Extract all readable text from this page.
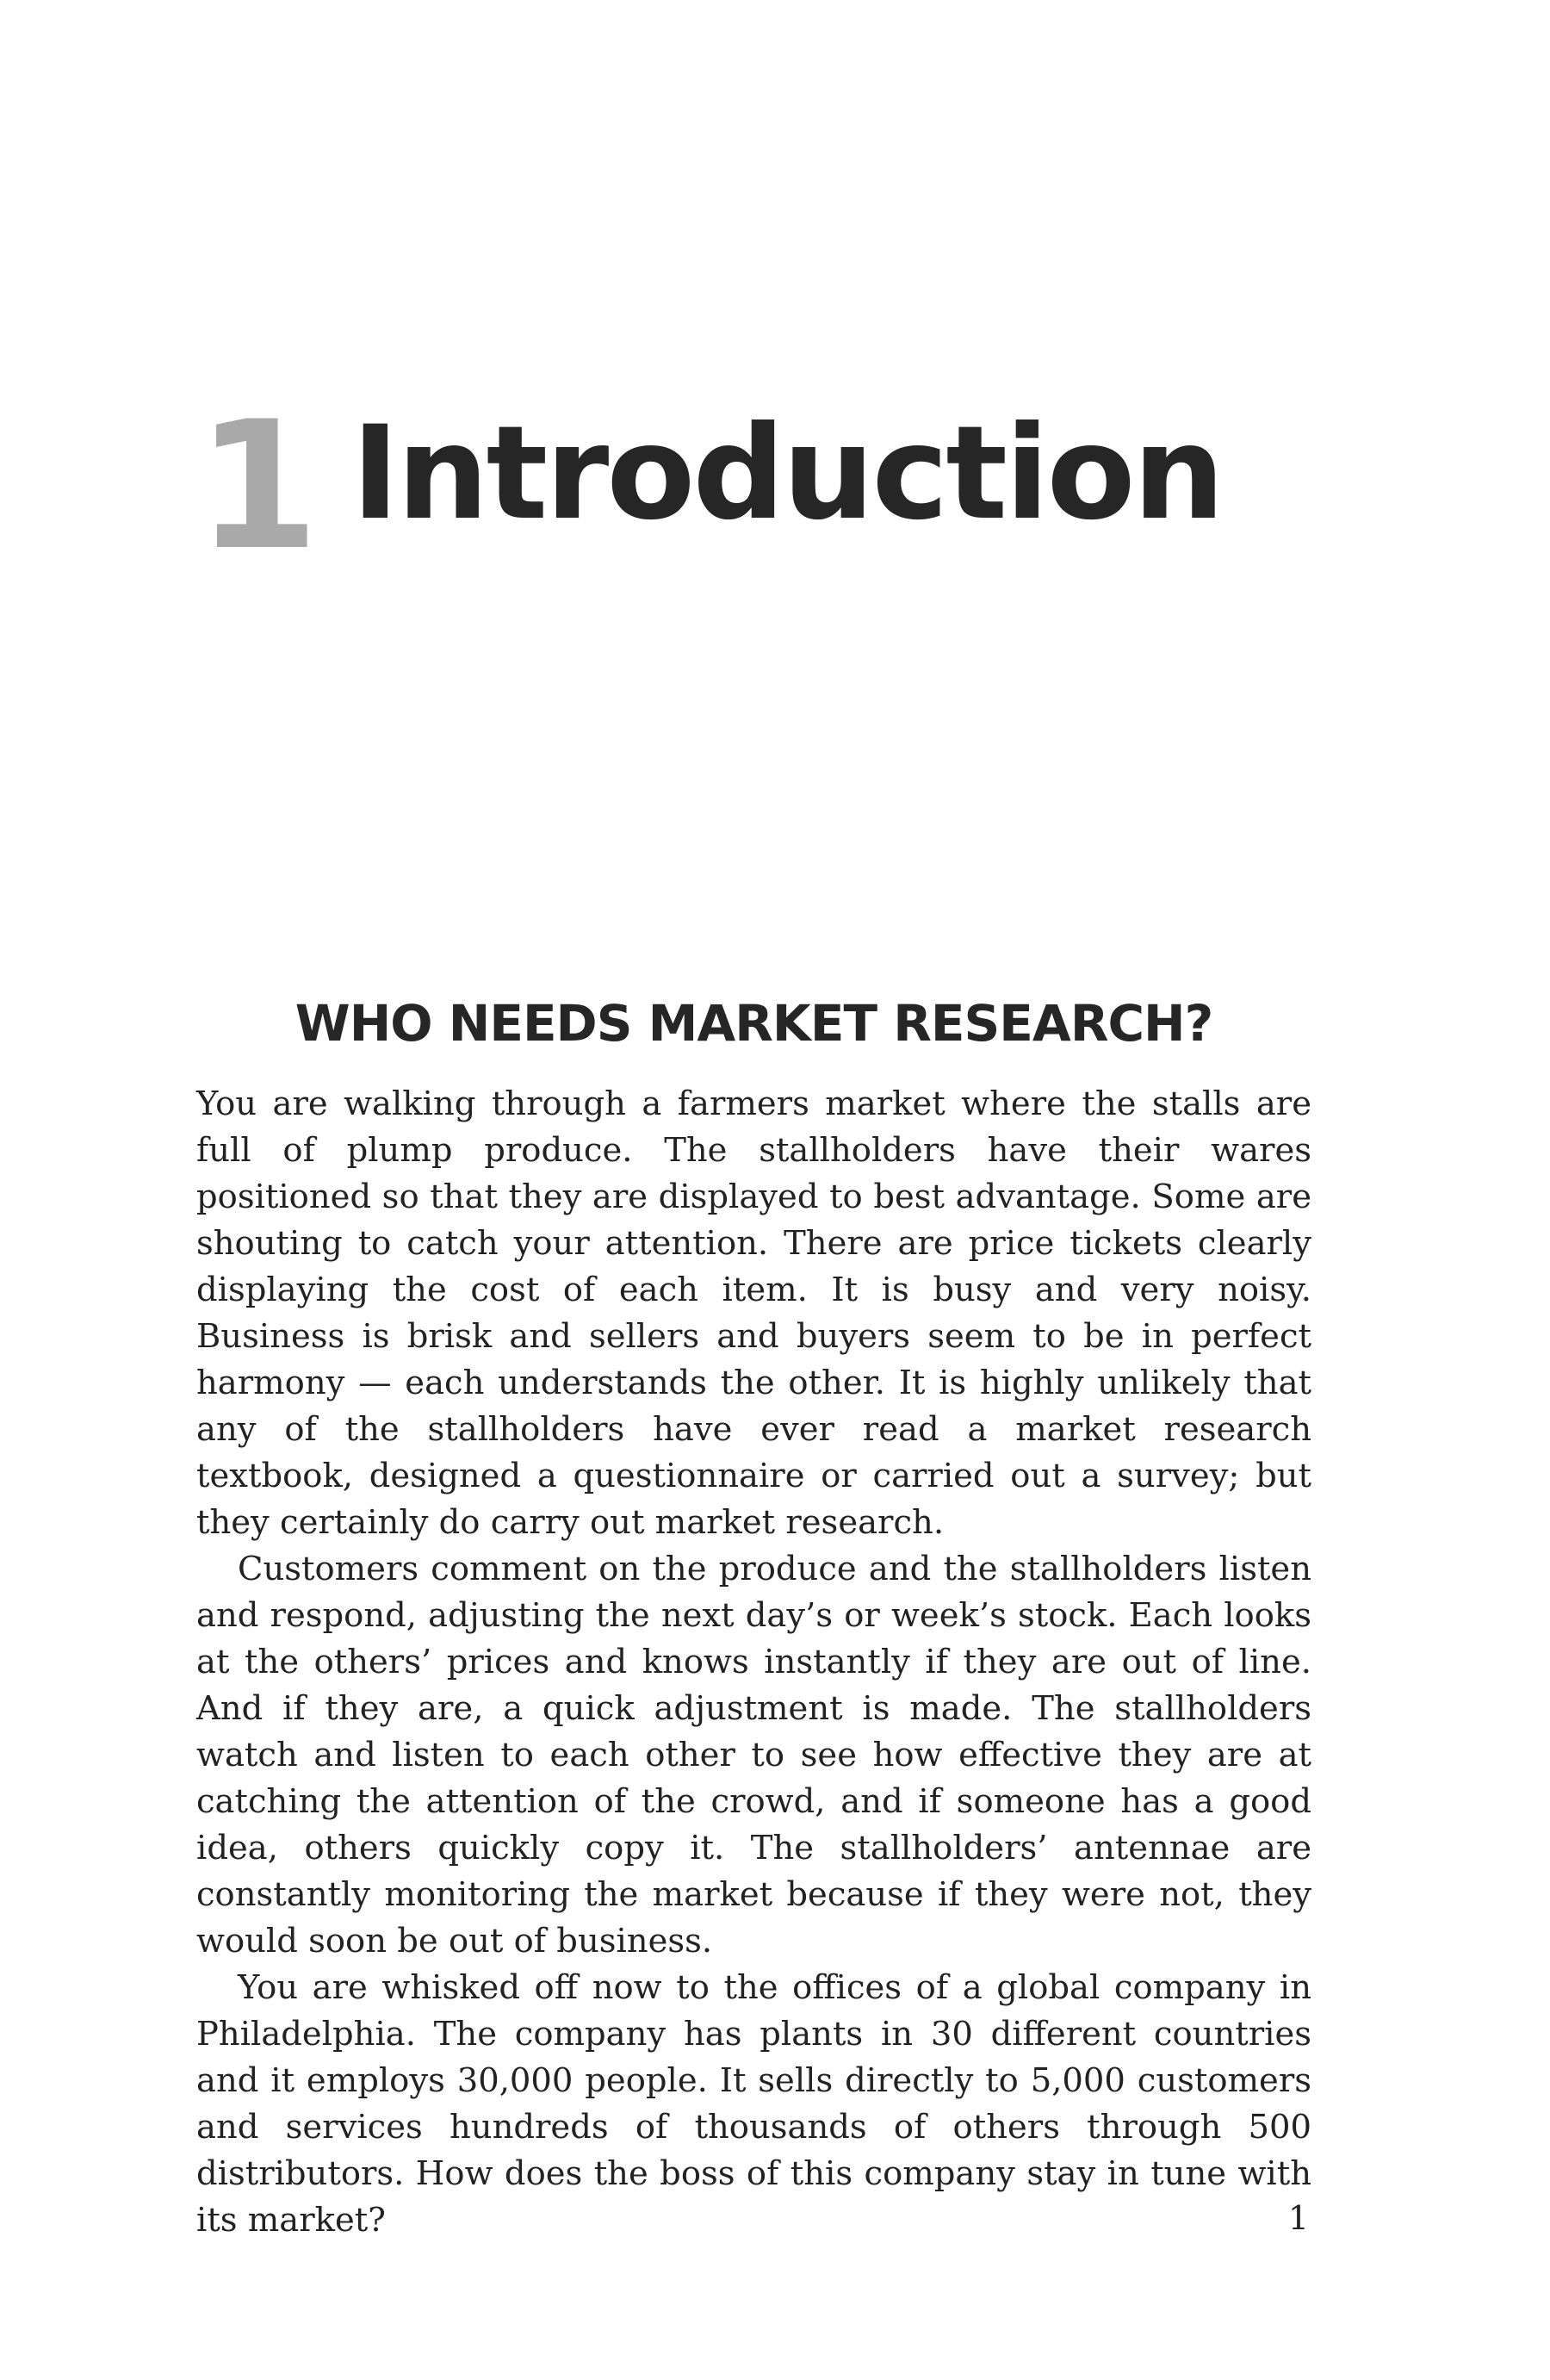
1 Introduction
WHO NEEDS MARKET RESEARCH?

You are walking through a farmers market where the stalls are full of plump produce. The stallholders have their wares positioned so that they are displayed to best advantage. Some are shouting to catch your attention. There are price tickets clearly displaying the cost of each item. It is busy and very noisy. Business is brisk and sellers and buyers seem to be in perfect harmony — each understands the other. It is highly unlikely that any of the stallholders have ever read a market research textbook, designed a questionnaire or carried out a survey; but they certainly do carry out market research.

Customers comment on the produce and the stallholders listen and respond, adjusting the next day’s or week’s stock. Each looks at the others’ prices and knows instantly if they are out of line. And if they are, a quick adjustment is made. The stallholders watch and listen to each other to see how effective they are at catching the attention of the crowd, and if someone has a good idea, others quickly copy it. The stallholders’ antennae are constantly monitoring the market because if they were not, they would soon be out of business.

You are whisked off now to the offices of a global company in Philadelphia. The company has plants in 30 different countries and it employs 30,000 people. It sells directly to 5,000 customers and services hundreds of thousands of others through 500 distributors. How does the boss of this company stay in tune with its market?	1
